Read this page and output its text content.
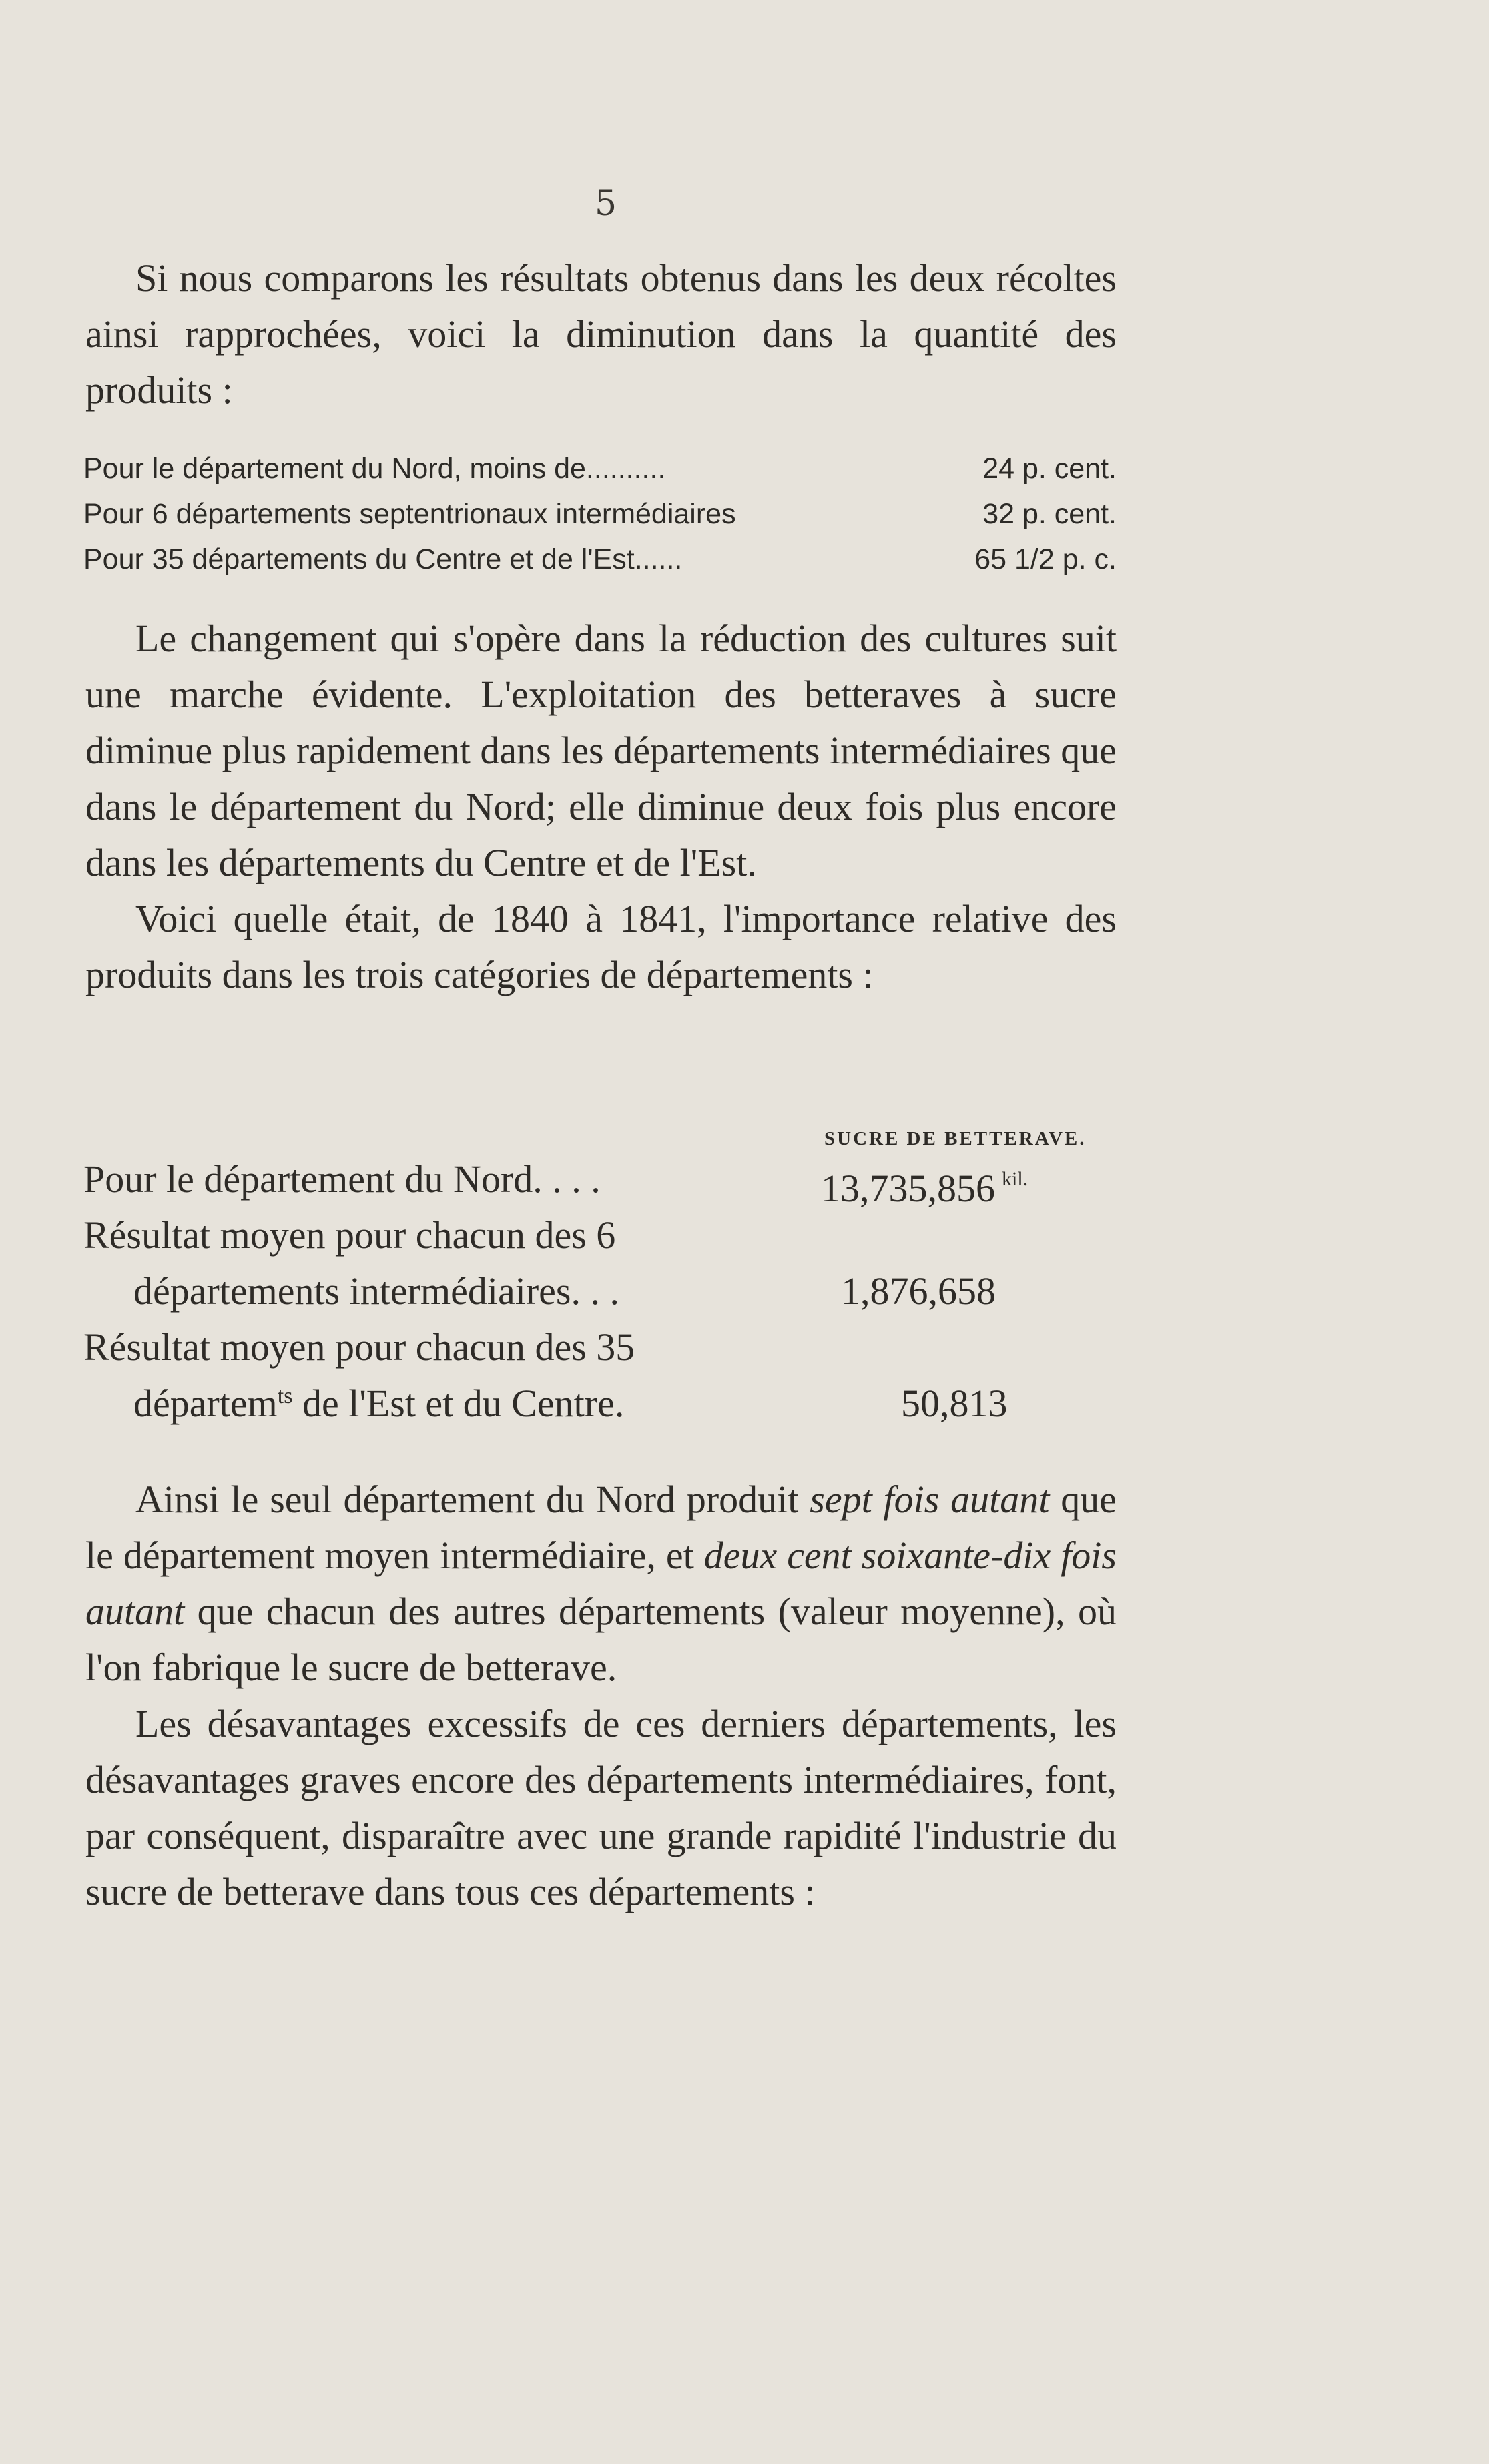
5

Si nous comparons les résultats obtenus dans les deux récoltes ainsi rapprochées, voici la diminution dans la quantité des produits :

Pour le département du Nord, moins de..........	24 p. cent.
Pour 6 départements septentrionaux intermédiaires	32 p. cent.
Pour 35 départements du Centre et de l'Est......	65 1/2 p. c.

Le changement qui s'opère dans la réduction des cultures suit une marche évidente. L'exploitation des betteraves à sucre diminue plus rapidement dans les départements intermédiaires que dans le département du Nord; elle diminue deux fois plus encore dans les départements du Centre et de l'Est.

Voici quelle était, de 1840 à 1841, l'importance relative des produits dans les trois catégories de départements :

SUCRE DE BETTERAVE.
Pour le département du Nord. . . .	13,735,856 $^{kil.}$
Résultat moyen pour chacun des 6
départements intermédiaires. . .	1,876,658
Résultat moyen pour chacun des 35
départem$^{ts}$ de l'Est et du Centre.	50,813

Ainsi le seul département du Nord produit sept fois autant que le département moyen intermédiaire, et deux cent soixante-dix fois autant que chacun des autres départements (valeur moyenne), où l'on fabrique le sucre de betterave.

Les désavantages excessifs de ces derniers départements, les désavantages graves encore des départements intermédiaires, font, par conséquent, disparaître avec une grande rapidité l'industrie du sucre de betterave dans tous ces départements :
